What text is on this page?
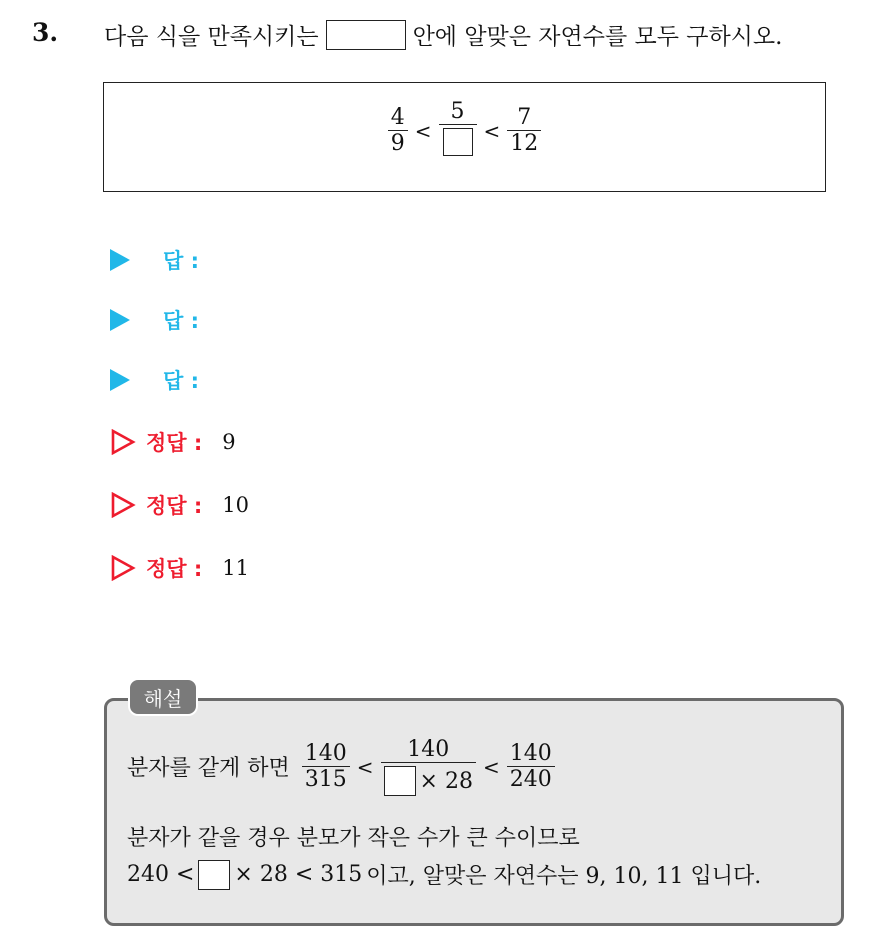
3. 다음 식을 만족시키는	안에 알맞은 자연수를 모두 구하시오.
$\frac{4}{9}$ <
5
< $\frac{7}{12}$
답 :
답 :
답 :
정답 : 9
정답 : 10
정답 : 11
분자를 같게 하면 $\frac{140}{315} < \frac{140}{\times 28} < \frac{140}{240}$
분자가 같을 경우 분모가 작은 수가 큰 수이므로
240 < × 28 < 315 이고, 알맞은 자연수는 9, 10, 11 입니다.
해설
